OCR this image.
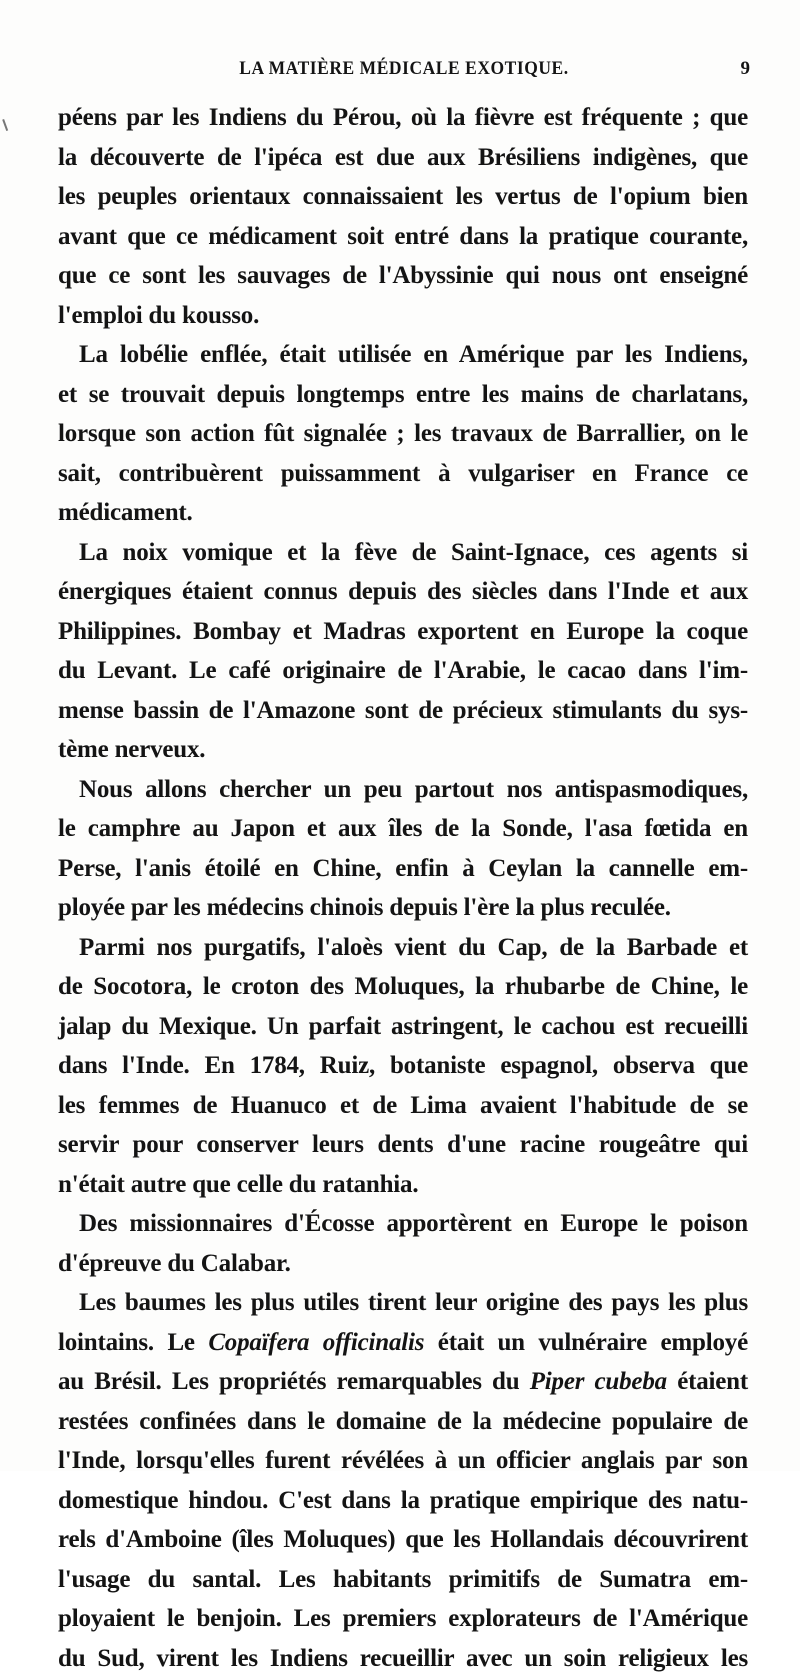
LA MATIÈRE MÉDICALE EXOTIQUE.	9
péens par les Indiens du Pérou, où la fièvre est fréquente ; que
la découverte de l'ipéca est due aux Brésiliens indigènes, que
les peuples orientaux connaissaient les vertus de l'opium bien
avant que ce médicament soit entré dans la pratique courante,
que ce sont les sauvages de l'Abyssinie qui nous ont enseigné
l'emploi du kousso.
La lobélie enflée, était utilisée en Amérique par les Indiens,
et se trouvait depuis longtemps entre les mains de charlatans,
lorsque son action fût signalée ; les travaux de Barrallier, on le
sait, contribuèrent puissamment à vulgariser en France ce
médicament.
La noix vomique et la fève de Saint-Ignace, ces agents si
énergiques étaient connus depuis des siècles dans l'Inde et aux
Philippines. Bombay et Madras exportent en Europe la coque
du Levant. Le café originaire de l'Arabie, le cacao dans l'im-
mense bassin de l'Amazone sont de précieux stimulants du sys-
tème nerveux.
Nous allons chercher un peu partout nos antispasmodiques,
le camphre au Japon et aux îles de la Sonde, l'asa fœtida en
Perse, l'anis étoilé en Chine, enfin à Ceylan la cannelle em-
ployée par les médecins chinois depuis l'ère la plus reculée.
Parmi nos purgatifs, l'aloès vient du Cap, de la Barbade et
de Socotora, le croton des Moluques, la rhubarbe de Chine, le
jalap du Mexique. Un parfait astringent, le cachou est recueilli
dans l'Inde. En 1784, Ruiz, botaniste espagnol, observa que
les femmes de Huanuco et de Lima avaient l'habitude de se
servir pour conserver leurs dents d'une racine rougeâtre qui
n'était autre que celle du ratanhia.
Des missionnaires d'Écosse apportèrent en Europe le poison
d'épreuve du Calabar.
Les baumes les plus utiles tirent leur origine des pays les plus
lointains. Le Copaïfera officinalis était un vulnéraire employé
au Brésil. Les propriétés remarquables du Piper cubeba étaient
restées confinées dans le domaine de la médecine populaire de
l'Inde, lorsqu'elles furent révélées à un officier anglais par son
domestique hindou. C'est dans la pratique empirique des natu-
rels d'Amboine (îles Moluques) que les Hollandais découvrirent
l'usage du santal. Les habitants primitifs de Sumatra em-
ployaient le benjoin. Les premiers explorateurs de l'Amérique
du Sud, virent les Indiens recueillir avec un soin religieux les
